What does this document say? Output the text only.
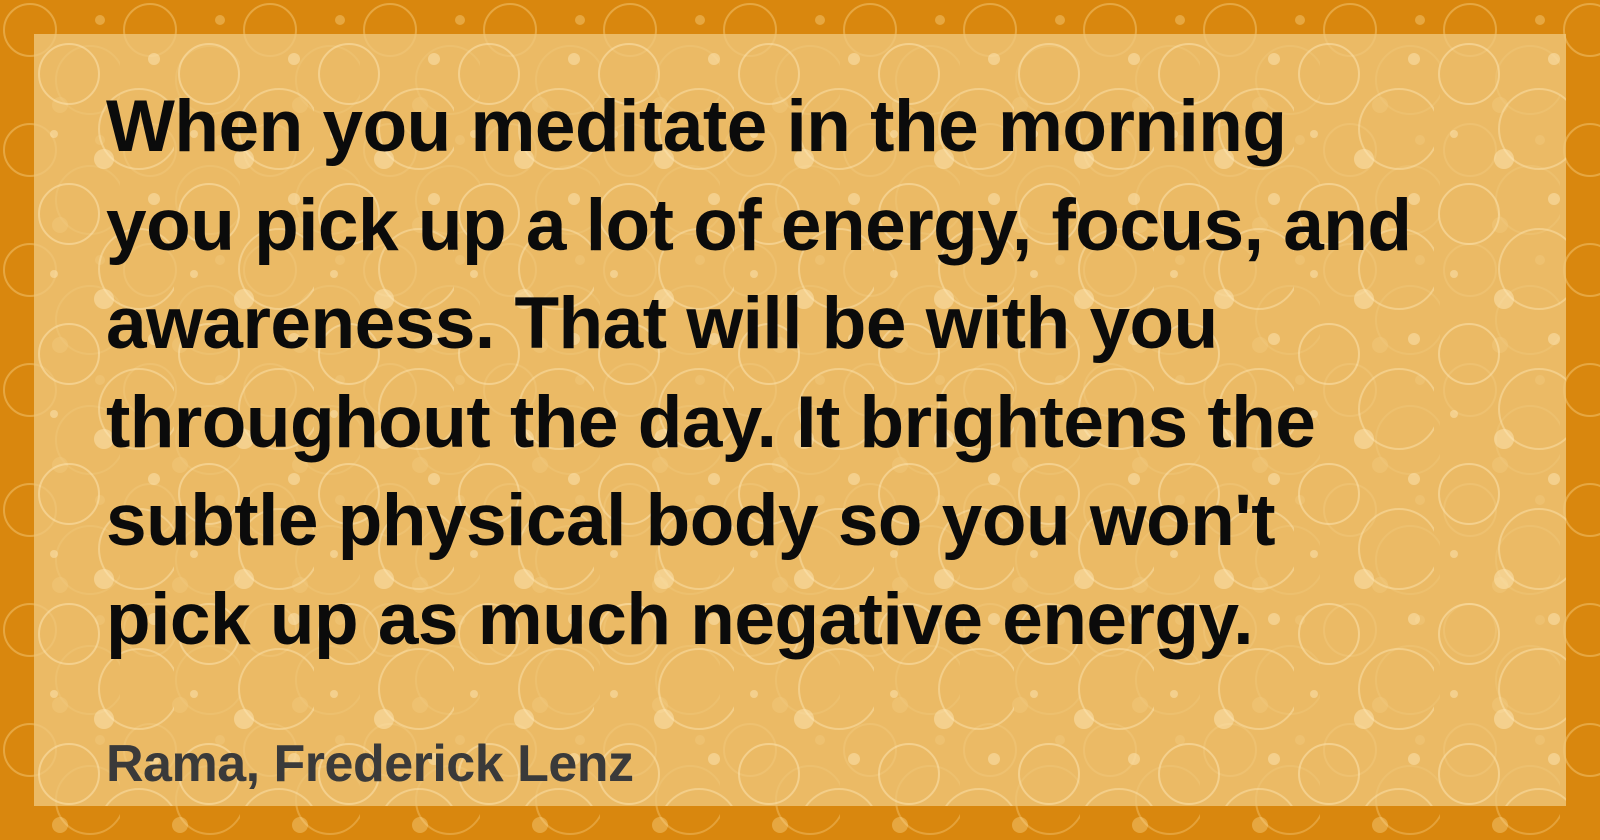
When you meditate in the morning
you pick up a lot of energy, focus, and
awareness. That will be with you
throughout the day. It brightens the
subtle physical body so you won't
pick up as much negative energy.

Rama, Frederick Lenz
